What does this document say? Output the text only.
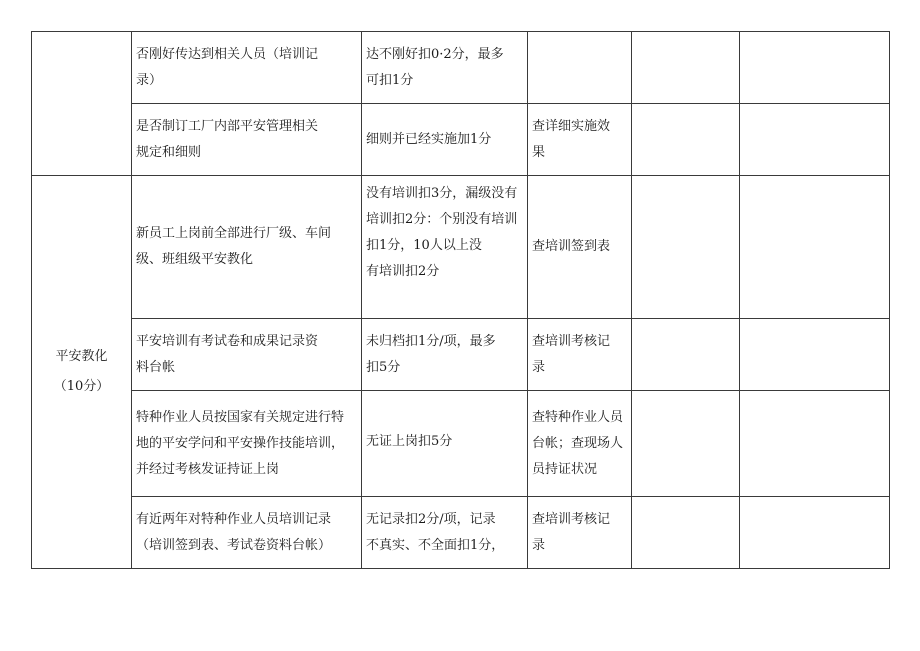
	否刚好传达到相关人员（培训记
录）	达不刚好扣0·2分，最多
可扣1分			

	是否制订工厂内部平安管理相关
规定和细则	细则并已经实施加1分	查详细实施效
果		

平安教化
（10分）	新员工上岗前全部进行厂级、车间
级、班组级平安教化	没有培训扣3分，漏级没有
培训扣2分：个别没有培训
扣1分，10人以上没
有培训扣2分	查培训签到表		

	平安培训有考试卷和成果记录资
料台帐	未归档扣1分/项，最多
扣5分	查培训考核记
录		

	特种作业人员按国家有关规定进行特
地的平安学问和平安操作技能培训，
并经过考核发证持证上岗	无证上岗扣5分	查特种作业人员
台帐；查现场人
员持证状况		

	有近两年对特种作业人员培训记录
（培训签到表、考试卷资料台帐）	无记录扣2分/项，记录
不真实、不全面扣1分，	查培训考核记
录		
